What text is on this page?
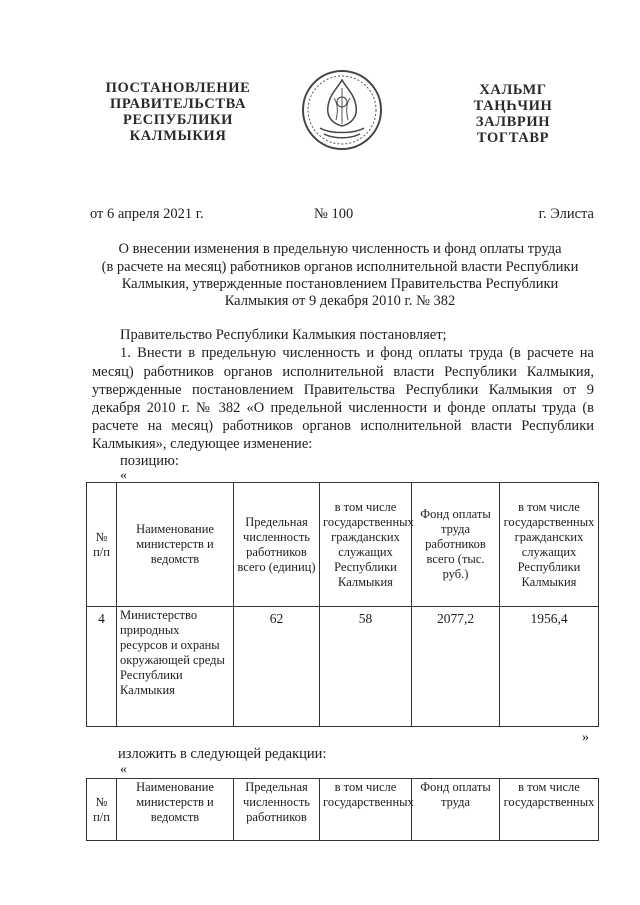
ПОСТАНОВЛЕНИЕ
ПРАВИТЕЛЬСТВА
РЕСПУБЛИКИ
КАЛМЫКИЯ
ХАЛЬМГ
ТАҢҺЧИН
ЗАЛВРИН
ТОГТАВР
от 6 апреля 2021 г.	№ 100	г. Элиста
О внесении изменения в предельную численность и фонд оплаты труда
(в расчете на месяц) работников органов исполнительной власти Республики
Калмыкия, утвержденные постановлением Правительства Республики
Калмыкия от 9 декабря 2010 г. № 382
Правительство Республики Калмыкия постановляет;
1. Внести в предельную численность и фонд оплаты труда (в расчете на
месяц) работников органов исполнительной власти Республики Калмыкия,
утвержденные постановлением Правительства Республики Калмыкия от 9
декабря 2010 г. № 382 «О предельной численности и фонде оплаты труда (в
расчете на месяц) работников органов исполнительной власти Республики
Калмыкия», следующее изменение:
позицию:
«
№ п/п	Наименование министерств и ведомств	Предельная численность работников всего (единиц)	в том числе государственных гражданских служащих Республики Калмыкия	Фонд оплаты труда работников всего (тыс. руб.)	в том числе государственных гражданских служащих Республики Калмыкия
4	Министерство природных ресурсов и охраны окружающей среды Республики Калмыкия	62	58	2077,2	1956,4
»
изложить в следующей редакции:
«
№ п/п	Наименование министерств и ведомств	Предельная численность работников	в том числе государственных	Фонд оплаты труда	в том числе государственных
